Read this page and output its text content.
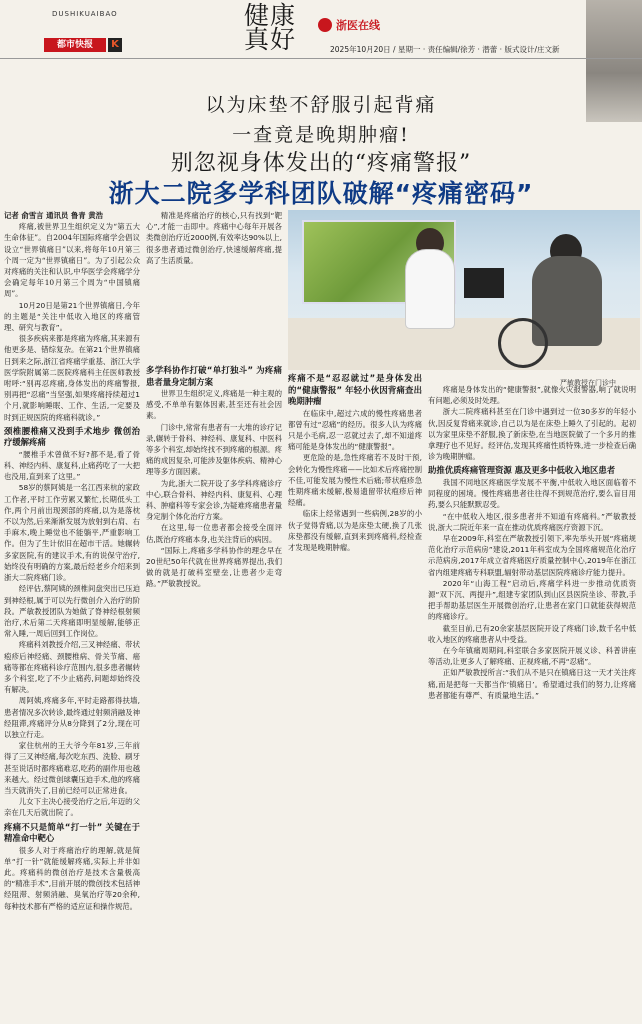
DUSHIKUAIBAO
都市快报	K
健康真好	浙医在线
2025年10月20日 / 星期一 · 责任编辑/徐芳 · 潜蕾 · 版式设计/庄文新
以为床垫不舒服引起背痛
一查竟是晚期肿瘤!
别忽视身体发出的“疼痛警报”
浙大二院多学科团队破解“疼痛密码”

记者 俞雪言 通讯员 鲁青 黄浩

疼痛,被世界卫生组织定义为“第五大生命体征”。自2004年国际疼痛学会倡议设立“世界镇痛日”以来,将每年10月第三个周一定为“世界镇痛日”。为了引起公众对疼痛的关注和认识,中华医学会疼痛学分会确定每年10月第三个周为“中国镇痛周”。

10月20日是第21个世界镇痛日,今年的主题是“关注中低收入地区的疼痛管理、研究与教育”。

很多疾病来都是疼痛为疼痛,其来源有他更多是、错综复杂。在第21个世界镇痛日到来之际,浙江省疼痛学重基、浙江大学医学院附属第二医院疼痛科主任医师教授咐呼:“别再忍疼痛,身体发出的疼痛警报,别再把“忍痛”当坚强,如果疼痛持续超过1个月,就影响睡眠、工作、生活,一定要及时到正规医院的疼痛科就诊。”

颈椎腰椎痛又没到手术地步 微创治疗缓解疼痛

“腰椎手术曾做不好?都不是,看了骨科、神经内科、康复科,止痛药吃了一大把也没用,直到来了这里。”

58岁的蔡阿姨是一名江西来杭的家政工作者,平时工作劳累又繁忙,长期低头工作,两个月前出现颈部的疼痛,以为是落枕不以为然,后来渐渐发展为放射到右肩、右手麻木,晚上睡觉也不能躺平,严重影响工作。但为了生计依旧在超市干活。她辗转多家医院,有的建议手术,有的说保守治疗,始终没有明确的方案,最后经老乡介绍来到浙大二院疼痛门诊。

经评估,蔡阿姨的颈椎间盘突出已压迫到神经根,属于可以先行微创介入治疗的阶段。严敏教授团队为她做了脊神经根射频治疗,术后第二天疼痛即明显缓解,能够正常入睡,一周后回到工作岗位。

疼痛科刘教授介绍,三叉神经痛、带状疱疹后神经痛、颈腰椎病、骨关节痛、癌痛等都在疼痛科诊疗范围内,很多患者辗转多个科室,吃了不少止痛药,问题却始终没有解决。

周阿姨,疼痛多年,平时走路都得扶墙,患者情况多次转诊,最终通过射频消融及神经阻滞,疼痛评分从8分降到了2分,现在可以独立行走。

家住杭州的王大爷今年81岁,三年前得了三叉神经痛,每次吃东西、洗脸、刷牙甚至说话时都疼痛难忍,吃药的副作用也越来越大。经过微创球囊压迫手术,他的疼痛当天就消失了,目前已经可以正常进食。

儿女下主决心接受治疗之后,年迈的父亲在几天后就出院了。

疼痛不只是简单“打一针” 关键在于精准命中靶心

很多人对于疼痛治疗的理解,就是简单“打一针”就能缓解疼痛,实际上并非如此。疼痛科的微创治疗是技术含量极高的“精准手术”,目前开展的微创技术包括神经阻滞、射频消融、臭氧治疗等20余种,每种技术都有严格的适应证和操作规范。

精准是疼痛治疗的核心,只有找到“靶心”,才能一击即中。疼痛中心每年开展各类微创治疗近2000例,有效率达90%以上,很多患者通过微创治疗,快速缓解疼痛,提高了生活质量。

多学科协作打破“单打独斗” 为疼痛患者量身定制方案

世界卫生组织定义,疼痛是一种主观的感受,不单单有躯体因素,甚至还有社会因素。

门诊中,常常有患者有一大堆的诊疗记录,辗转于骨科、神经科、康复科、中医科等多个科室,却始终找不到疼痛的根源。疼痛的成因复杂,可能涉及躯体疾病、精神心理等多方面因素。

为此,浙大二院开设了多学科疼痛诊疗中心,联合骨科、神经内科、康复科、心理科、肿瘤科等专家会诊,为疑难疼痛患者量身定制个体化治疗方案。

在这里,每一位患者都会接受全面评估,既治疗疼痛本身,也关注背后的病因。

“国际上,疼痛多学科协作的理念早在20世纪50年代就在世界疼痛界提出,我们做的就是打破科室壁垒,让患者少走弯路。”严敏教授说。

严敏教授在门诊中

疼痛不是“忍忍就过”是身体发出的“健康警报” 年轻小伙因背痛查出晚期肿瘤

在临床中,超过六成的慢性疼痛患者都曾有过“忍痛”的经历。很多人认为疼痛只是小毛病,忍一忍就过去了,却不知道疼痛可能是身体发出的“健康警报”。

更危险的是,急性疼痛若不及时干预,会转化为慢性疼痛——比如术后疼痛控制不佳,可能发展为慢性术后痛;带状疱疹急性期疼痛未缓解,极易遗留带状疱疹后神经痛。

临床上经常遇到一些病例,28岁的小伙子觉得背痛,以为是床垫太硬,换了几张床垫都没有缓解,直到来到疼痛科,经检查才发现是晚期肿瘤。

疼痛是身体发出的“健康警报”,就像火灾报警器,响了就说明有问题,必须及时处理。

浙大二院疼痛科甚至在门诊中遇到过一位30多岁的年轻小伙,因反复背痛来就诊,自己以为是在床垫上睡久了引起的。起初以为家里床垫不舒服,换了新床垫,在当地医院做了一个多月的推拿理疗也不见好。经评估,发现其疼痛性质特殊,进一步检查后确诊为晚期肿瘤。

助推优质疼痛管理资源 惠及更多中低收入地区患者

我国不同地区疼痛医学发展不平衡,中低收入地区面临着不同程度的困境。慢性疼痛患者往往得不到规范治疗,要么盲目用药,要么只能默默忍受。

“在中低收入地区,很多患者并不知道有疼痛科。”严敏教授说,浙大二院近年来一直在推动优质疼痛医疗资源下沉。

早在2009年,科室在严敏教授引领下,率先举头开展“疼痛规范化治疗示范病房”建设,2011年科室成为全国疼痛规范化治疗示范病房,2017年成立省疼痛医疗质量控制中心,2019年在浙江省内组建疼痛专科联盟,辐射带动基层医院疼痛诊疗能力提升。

2020年“山海工程”启动后,疼痛学科进一步推动优质资源“双下沉、两提升”,组建专家团队到山区县医院坐诊、带教,手把手帮助基层医生开展微创治疗,让患者在家门口就能获得规范的疼痛诊疗。

截至目前,已有20余家基层医院开设了疼痛门诊,数千名中低收入地区的疼痛患者从中受益。

在今年镇痛周期间,科室联合多家医院开展义诊、科普讲座等活动,让更多人了解疼痛、正视疼痛,不再“忍痛”。

正如严敏教授所言:“我们从不是只在镇痛日这一天才关注疼痛,而是把每一天都当作‘镇痛日’。希望通过我们的努力,让疼痛患者都能有尊严、有质量地生活。”
